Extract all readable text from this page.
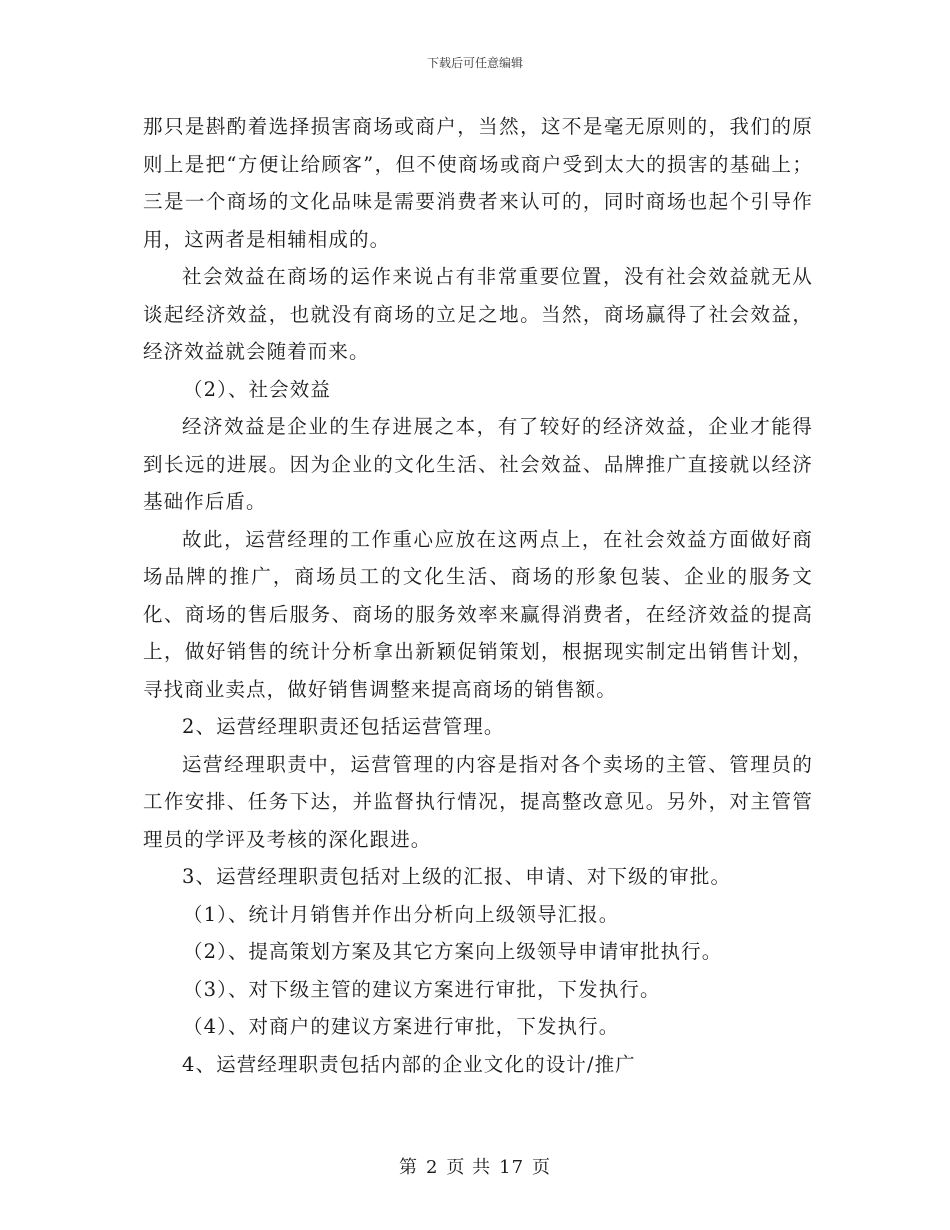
下载后可任意编辑

那只是斟酌着选择损害商场或商户，当然，这不是毫无原则的，我们的原则上是把“方便让给顾客”，但不使商场或商户受到太大的损害的基础上；三是一个商场的文化品味是需要消费者来认可的，同时商场也起个引导作用，这两者是相辅相成的。

社会效益在商场的运作来说占有非常重要位置，没有社会效益就无从谈起经济效益，也就没有商场的立足之地。当然，商场赢得了社会效益，经济效益就会随着而来。

（2）、社会效益

经济效益是企业的生存进展之本，有了较好的经济效益，企业才能得到长远的进展。因为企业的文化生活、社会效益、品牌推广直接就以经济基础作后盾。

故此，运营经理的工作重心应放在这两点上，在社会效益方面做好商场品牌的推广，商场员工的文化生活、商场的形象包装、企业的服务文化、商场的售后服务、商场的服务效率来赢得消费者，在经济效益的提高上，做好销售的统计分析拿出新颖促销策划，根据现实制定出销售计划，寻找商业卖点，做好销售调整来提高商场的销售额。

2、运营经理职责还包括运营管理。

运营经理职责中，运营管理的内容是指对各个卖场的主管、管理员的工作安排、任务下达，并监督执行情况，提高整改意见。另外，对主管管理员的学评及考核的深化跟进。

3、运营经理职责包括对上级的汇报、申请、对下级的审批。

（1）、统计月销售并作出分析向上级领导汇报。

（2）、提高策划方案及其它方案向上级领导申请审批执行。

（3）、对下级主管的建议方案进行审批，下发执行。

（4）、对商户的建议方案进行审批，下发执行。

4、运营经理职责包括内部的企业文化的设计/推广

第 2 页 共 17 页
